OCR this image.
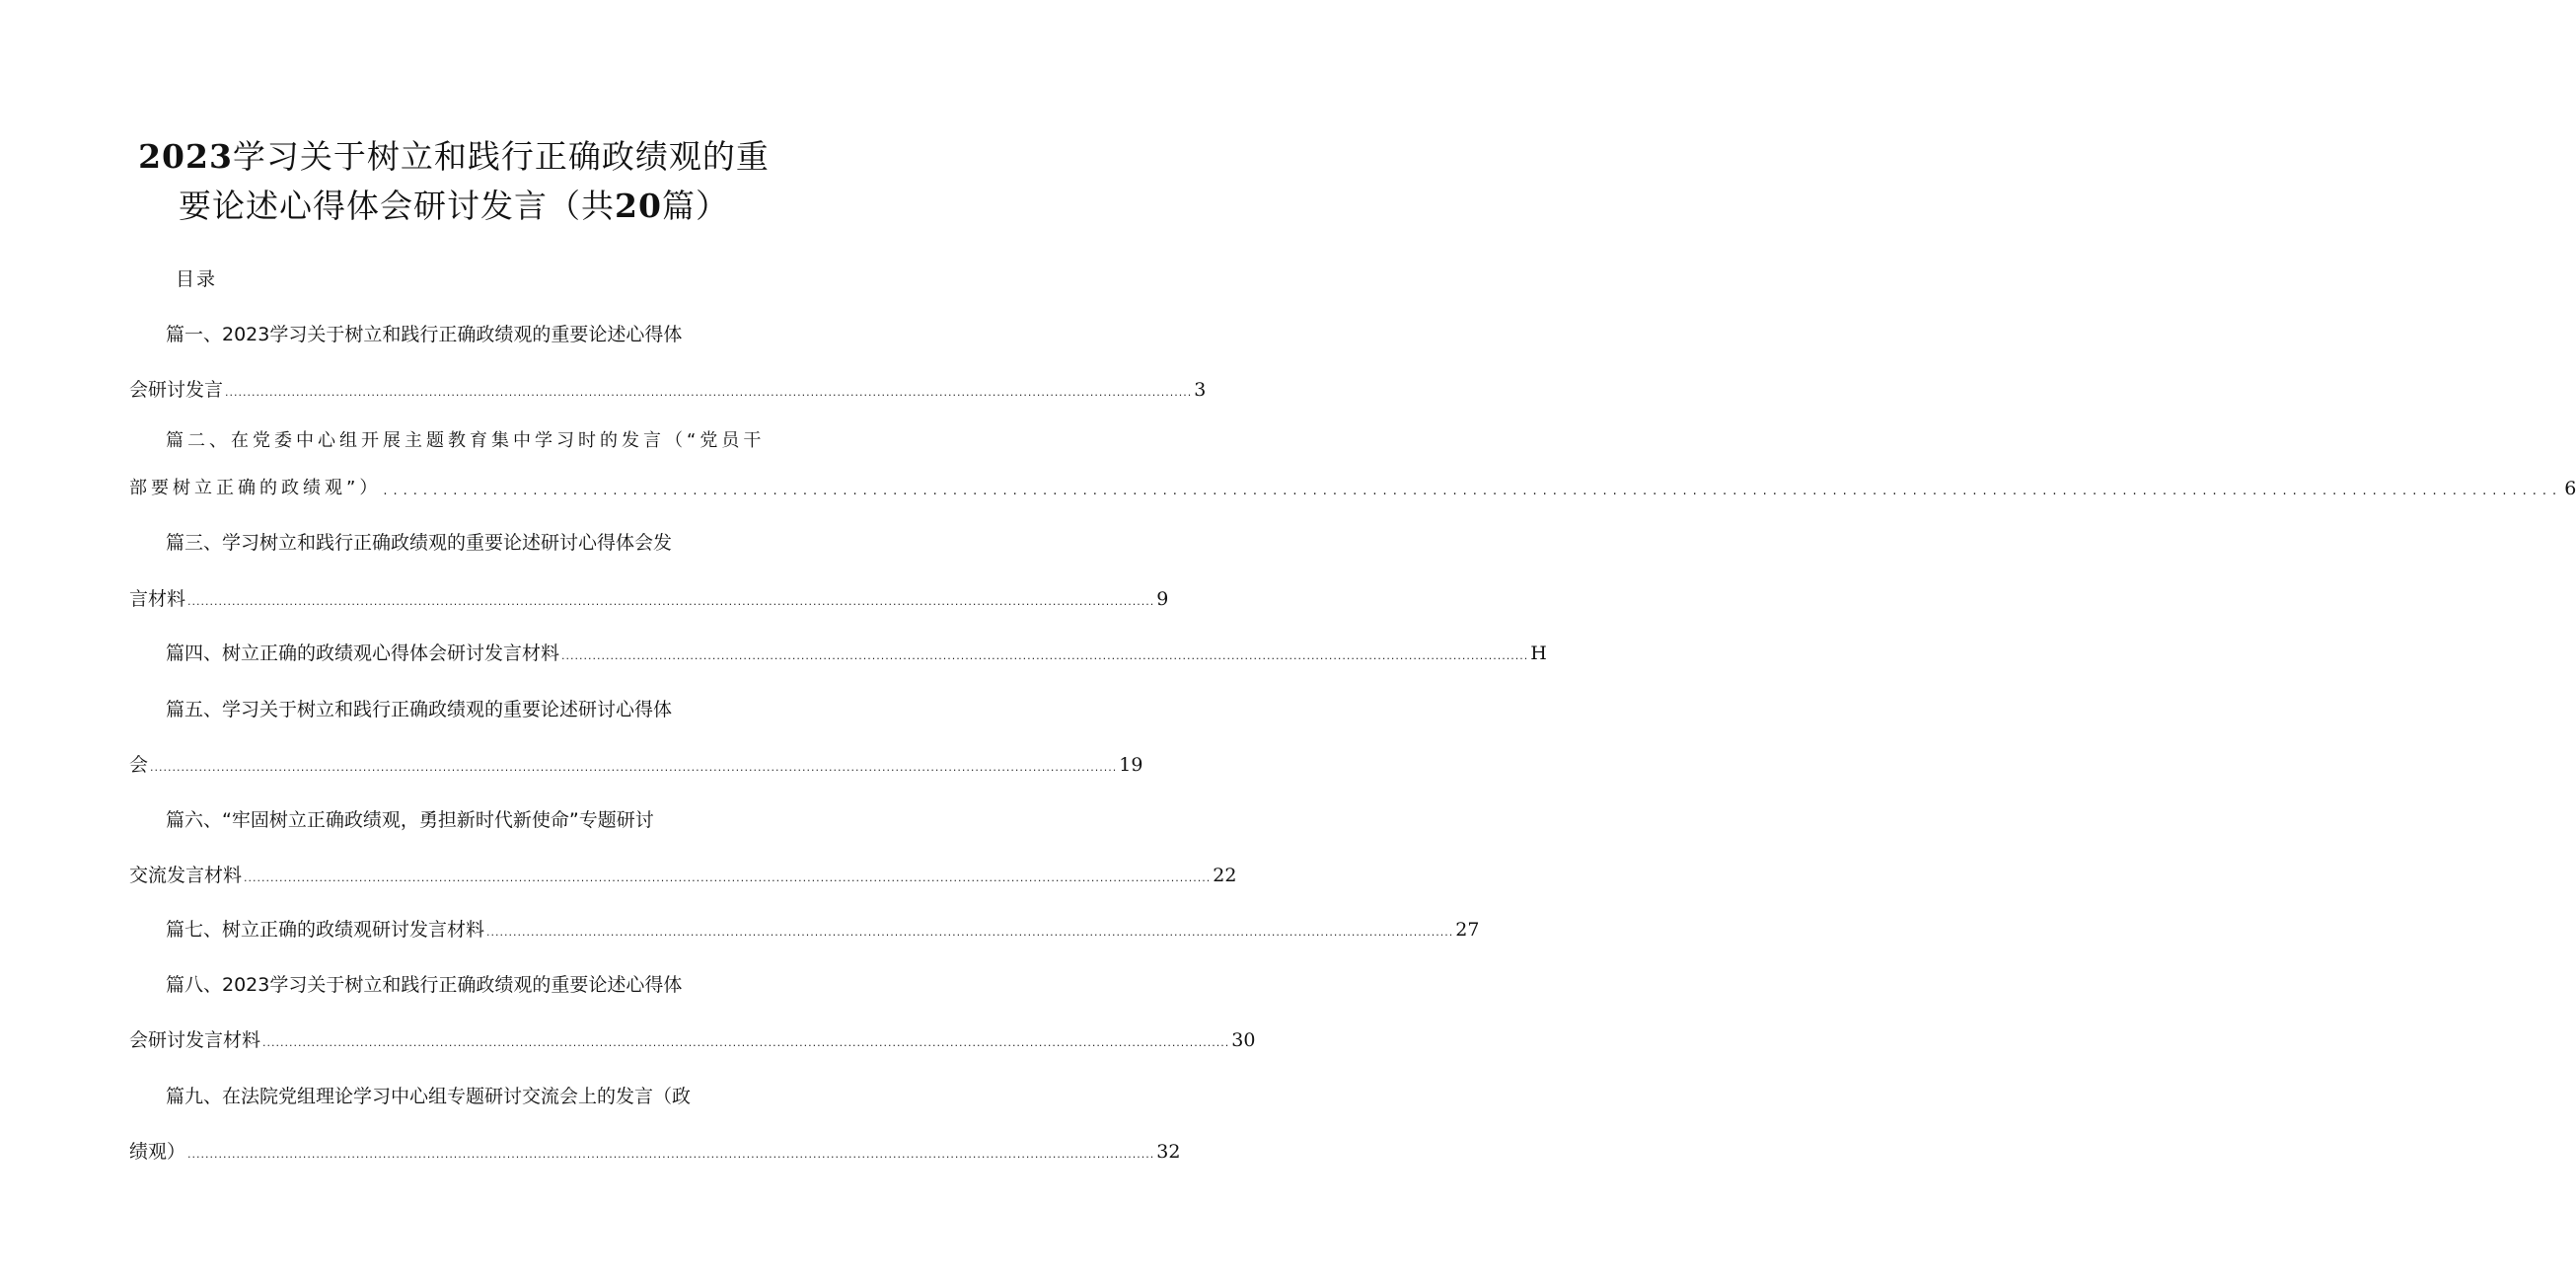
2023学习关于树立和践行正确政绩观的重
要论述心得体会研讨发言（共20篇）
目录
篇一、2023学习关于树立和践行正确政绩观的重要论述心得体
会研讨发言 .......................................................................................................................................................................................................................... 3
篇二、在党委中心组开展主题教育集中学习时的发言（“党员干
部要树立正确的政绩观”） .......................................................................................................................................................................................................................... 6
篇三、学习树立和践行正确政绩观的重要论述研讨心得体会发
言材料 .......................................................................................................................................................................................................................... 9
篇四、树立正确的政绩观心得体会研讨发言材料 .......................................................................................................................................................................................................................... H
篇五、学习关于树立和践行正确政绩观的重要论述研讨心得体
会 .......................................................................................................................................................................................................................... 19
篇六、“牢固树立正确政绩观，勇担新时代新使命”专题研讨
交流发言材料 .......................................................................................................................................................................................................................... 22
篇七、树立正确的政绩观研讨发言材料 .......................................................................................................................................................................................................................... 27
篇八、2023学习关于树立和践行正确政绩观的重要论述心得体
会研讨发言材料 .......................................................................................................................................................................................................................... 30
篇九、在法院党组理论学习中心组专题研讨交流会上的发言（政
绩观） .......................................................................................................................................................................................................................... 32
